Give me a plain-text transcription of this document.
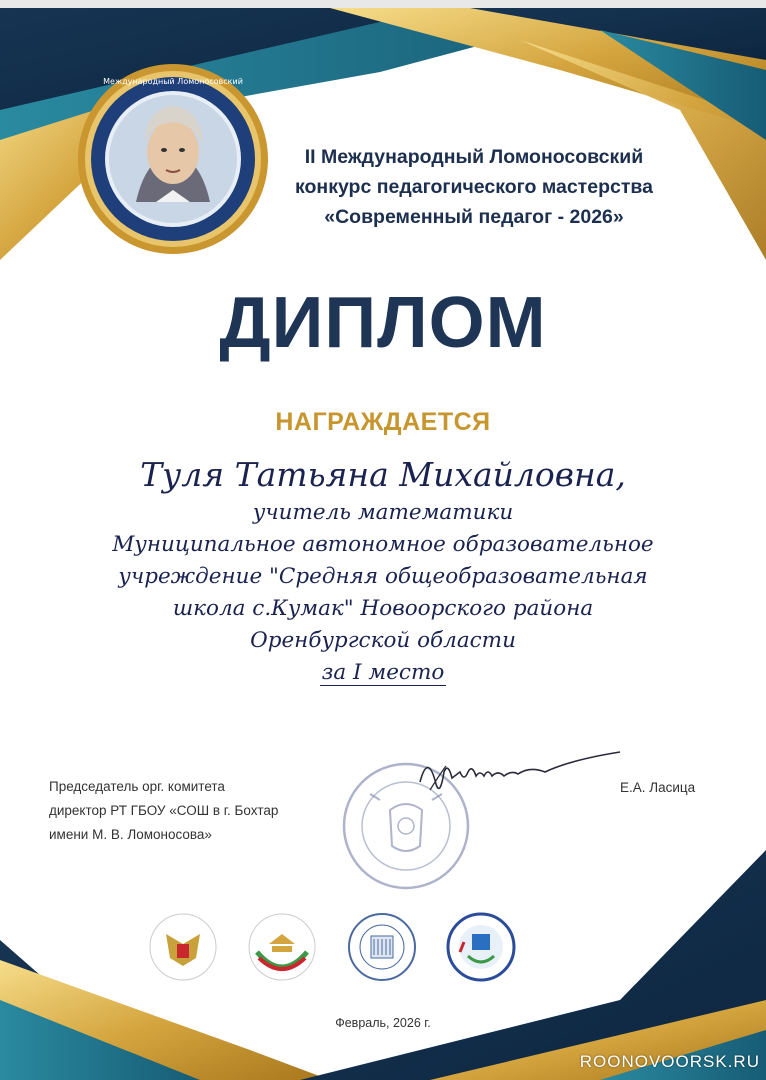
Международный Ломоносовский
II Международный Ломоносовский
конкурс педагогического мастерства
«Современный педагог - 2026»
ДИПЛОМ
НАГРАЖДАЕТСЯ
Туля Татьяна Михайловна,
учитель математики
Муниципальное автономное образовательное
учреждение "Средняя общеобразовательная
школа с.Кумак" Новоорского района
Оренбургской области
за I место
Председатель орг. комитета
директор РТ ГБОУ «СОШ в г. Бохтар
имени М. В. Ломоносова»
Е.А. Ласица
Февраль, 2026 г.
ROONOVOORSK.RU
